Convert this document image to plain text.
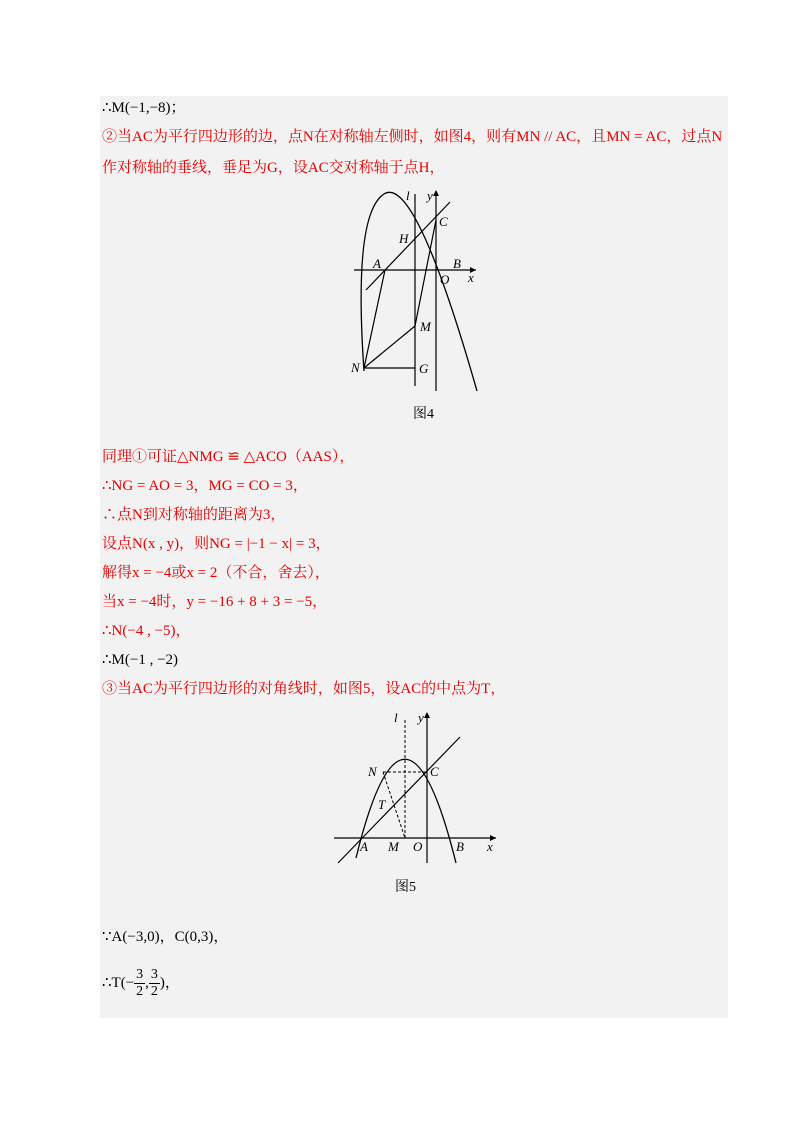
∴M(−1,−8)；
②当AC为平行四边形的边，点N在对称轴左侧时，如图4，则有MN // AC，且MN = AC，过点N
作对称轴的垂线，垂足为G，设AC交对称轴于点H，
l y
C
H
A	B
O x
M
N	G
图4
同理①可证△NMG ≌ △ACO（AAS），
∴NG = AO = 3，MG = CO = 3，
∴点N到对称轴的距离为3，
设点N(x , y)，则NG = |−1 − x| = 3，
解得x = −4或x = 2（不合，舍去），
当x = −4时，y = −16 + 8 + 3 = −5，
∴N(−4 , −5)，
∴M(−1 , −2)
③当AC为平行四边形的对角线时，如图5，设AC的中点为T，
l y
N	C
T
A M O	B x
图5
∵A(−3,0)，C(0,3)，
∴T(− $\frac{3}{2}$ , $\frac{3}{2}$ )，
